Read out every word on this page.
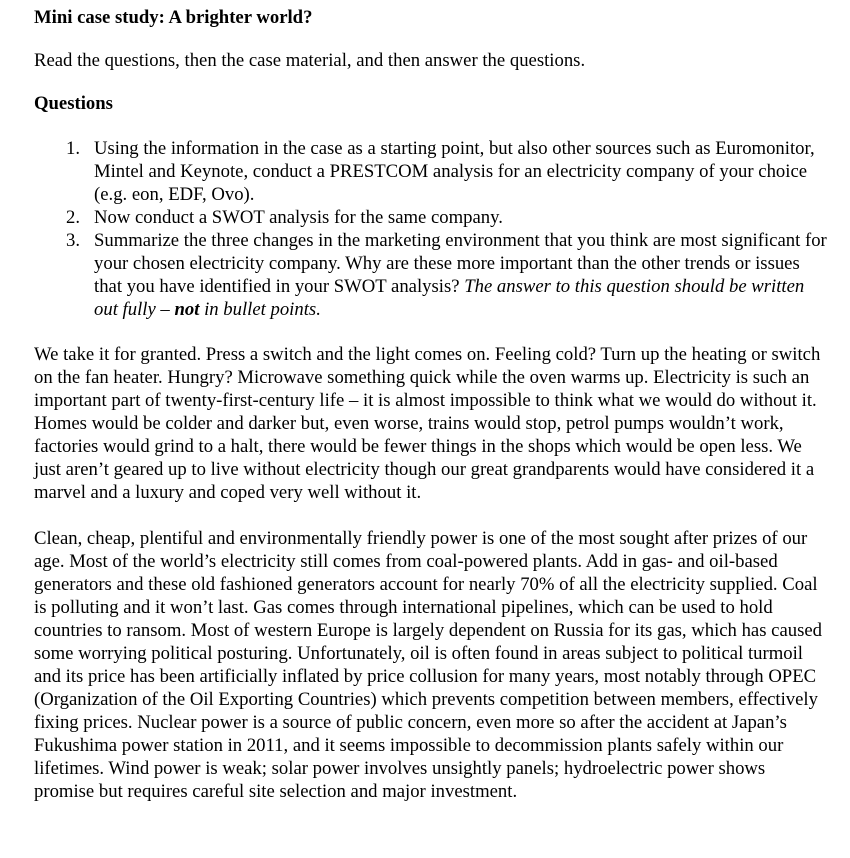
Mini case study: A brighter world?

Read the questions, then the case material, and then answer the questions.

Questions

1. Using the information in the case as a starting point, but also other sources such as Euromonitor, Mintel and Keynote, conduct a PRESTCOM analysis for an electricity company of your choice (e.g. eon, EDF, Ovo).
2. Now conduct a SWOT analysis for the same company.
3. Summarize the three changes in the marketing environment that you think are most significant for your chosen electricity company. Why are these more important than the other trends or issues that you have identified in your SWOT analysis? The answer to this question should be written out fully – not in bullet points.

We take it for granted. Press a switch and the light comes on. Feeling cold? Turn up the heating or switch on the fan heater. Hungry? Microwave something quick while the oven warms up. Electricity is such an important part of twenty-first-century life – it is almost impossible to think what we would do without it. Homes would be colder and darker but, even worse, trains would stop, petrol pumps wouldn’t work, factories would grind to a halt, there would be fewer things in the shops which would be open less. We just aren’t geared up to live without electricity though our great grandparents would have considered it a marvel and a luxury and coped very well without it.

Clean, cheap, plentiful and environmentally friendly power is one of the most sought after prizes of our age. Most of the world’s electricity still comes from coal-powered plants. Add in gas- and oil-based generators and these old fashioned generators account for nearly 70% of all the electricity supplied. Coal is polluting and it won’t last. Gas comes through international pipelines, which can be used to hold countries to ransom. Most of western Europe is largely dependent on Russia for its gas, which has caused some worrying political posturing. Unfortunately, oil is often found in areas subject to political turmoil and its price has been artificially inflated by price collusion for many years, most notably through OPEC (Organization of the Oil Exporting Countries) which prevents competition between members, effectively fixing prices. Nuclear power is a source of public concern, even more so after the accident at Japan’s Fukushima power station in 2011, and it seems impossible to decommission plants safely within our lifetimes. Wind power is weak; solar power involves unsightly panels; hydroelectric power shows promise but requires careful site selection and major investment.
